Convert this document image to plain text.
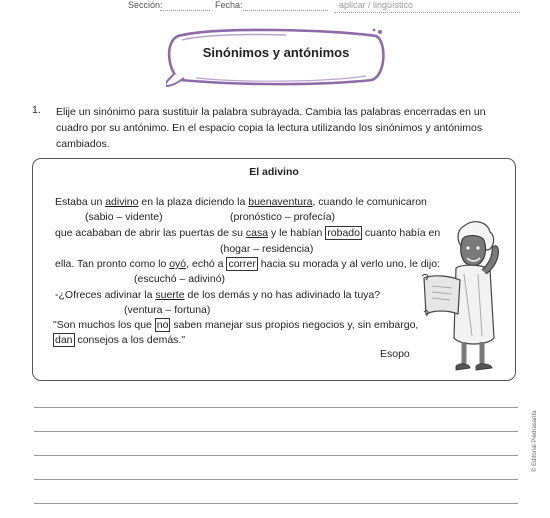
Sección:	Fecha:	aplicar / lingüístico
Sinónimos y antónimos
1. Elije un sinónimo para sustituir la palabra subrayada. Cambia las palabras encerradas en un cuadro por su antónimo. En el espacio copia la lectura utilizando los sinónimos y antónimos cambiados.
El adivino
Estaba un adivino en la plaza diciendo la buenaventura, cuando le comunicaron
(sabio – vidente)	(pronóstico – profecía)
que acababan de abrir las puertas de su casa y le habían robado cuanto había en
(hogar – residencia)
ella. Tan pronto como lo oyó, echó a correr hacia su morada y al verlo uno, le dijo:
(escuchó – adivinó)
-¿Ofreces adivinar la suerte de los demás y no has adivinado la tuya?
(ventura – fortuna)
"Son muchos los que no saben manejar sus propios negocios y, sin embargo,
dan consejos a los demás."
Esopo
© Editorial Piedrasanta
